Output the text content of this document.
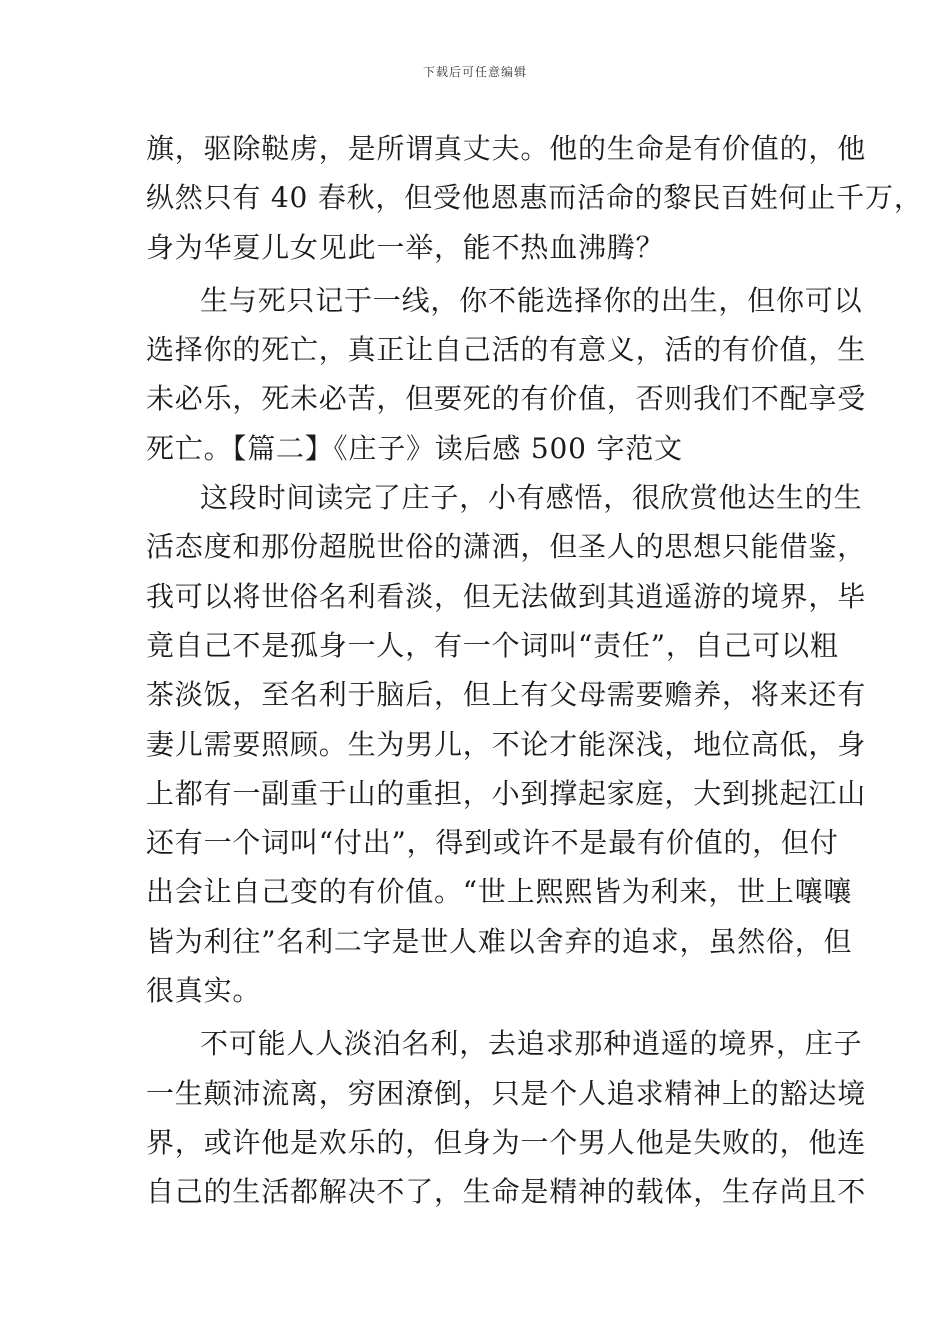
下载后可任意编辑
旗，驱除鞑虏，是所谓真丈夫。他的生命是有价值的，他
纵然只有 40 春秋，但受他恩惠而活命的黎民百姓何止千万，
身为华夏儿女见此一举，能不热血沸腾？
生与死只记于一线，你不能选择你的出生，但你可以
选择你的死亡，真正让自己活的有意义，活的有价值，生
未必乐，死未必苦，但要死的有价值，否则我们不配享受
死亡。【篇二】《庄子》读后感 500 字范文
这段时间读完了庄子，小有感悟，很欣赏他达生的生
活态度和那份超脱世俗的潇洒，但圣人的思想只能借鉴，
我可以将世俗名利看淡，但无法做到其逍遥游的境界，毕
竟自己不是孤身一人，有一个词叫“责任”，自己可以粗
茶淡饭，至名利于脑后，但上有父母需要赡养，将来还有
妻儿需要照顾。生为男儿，不论才能深浅，地位高低，身
上都有一副重于山的重担，小到撑起家庭，大到挑起江山
还有一个词叫“付出”，得到或许不是最有价值的，但付
出会让自己变的有价值。“世上熙熙皆为利来，世上嚷嚷
皆为利往”名利二字是世人难以舍弃的追求，虽然俗，但
很真实。
不可能人人淡泊名利，去追求那种逍遥的境界，庄子
一生颠沛流离，穷困潦倒，只是个人追求精神上的豁达境
界，或许他是欢乐的，但身为一个男人他是失败的，他连
自己的生活都解决不了，生命是精神的载体，生存尚且不
